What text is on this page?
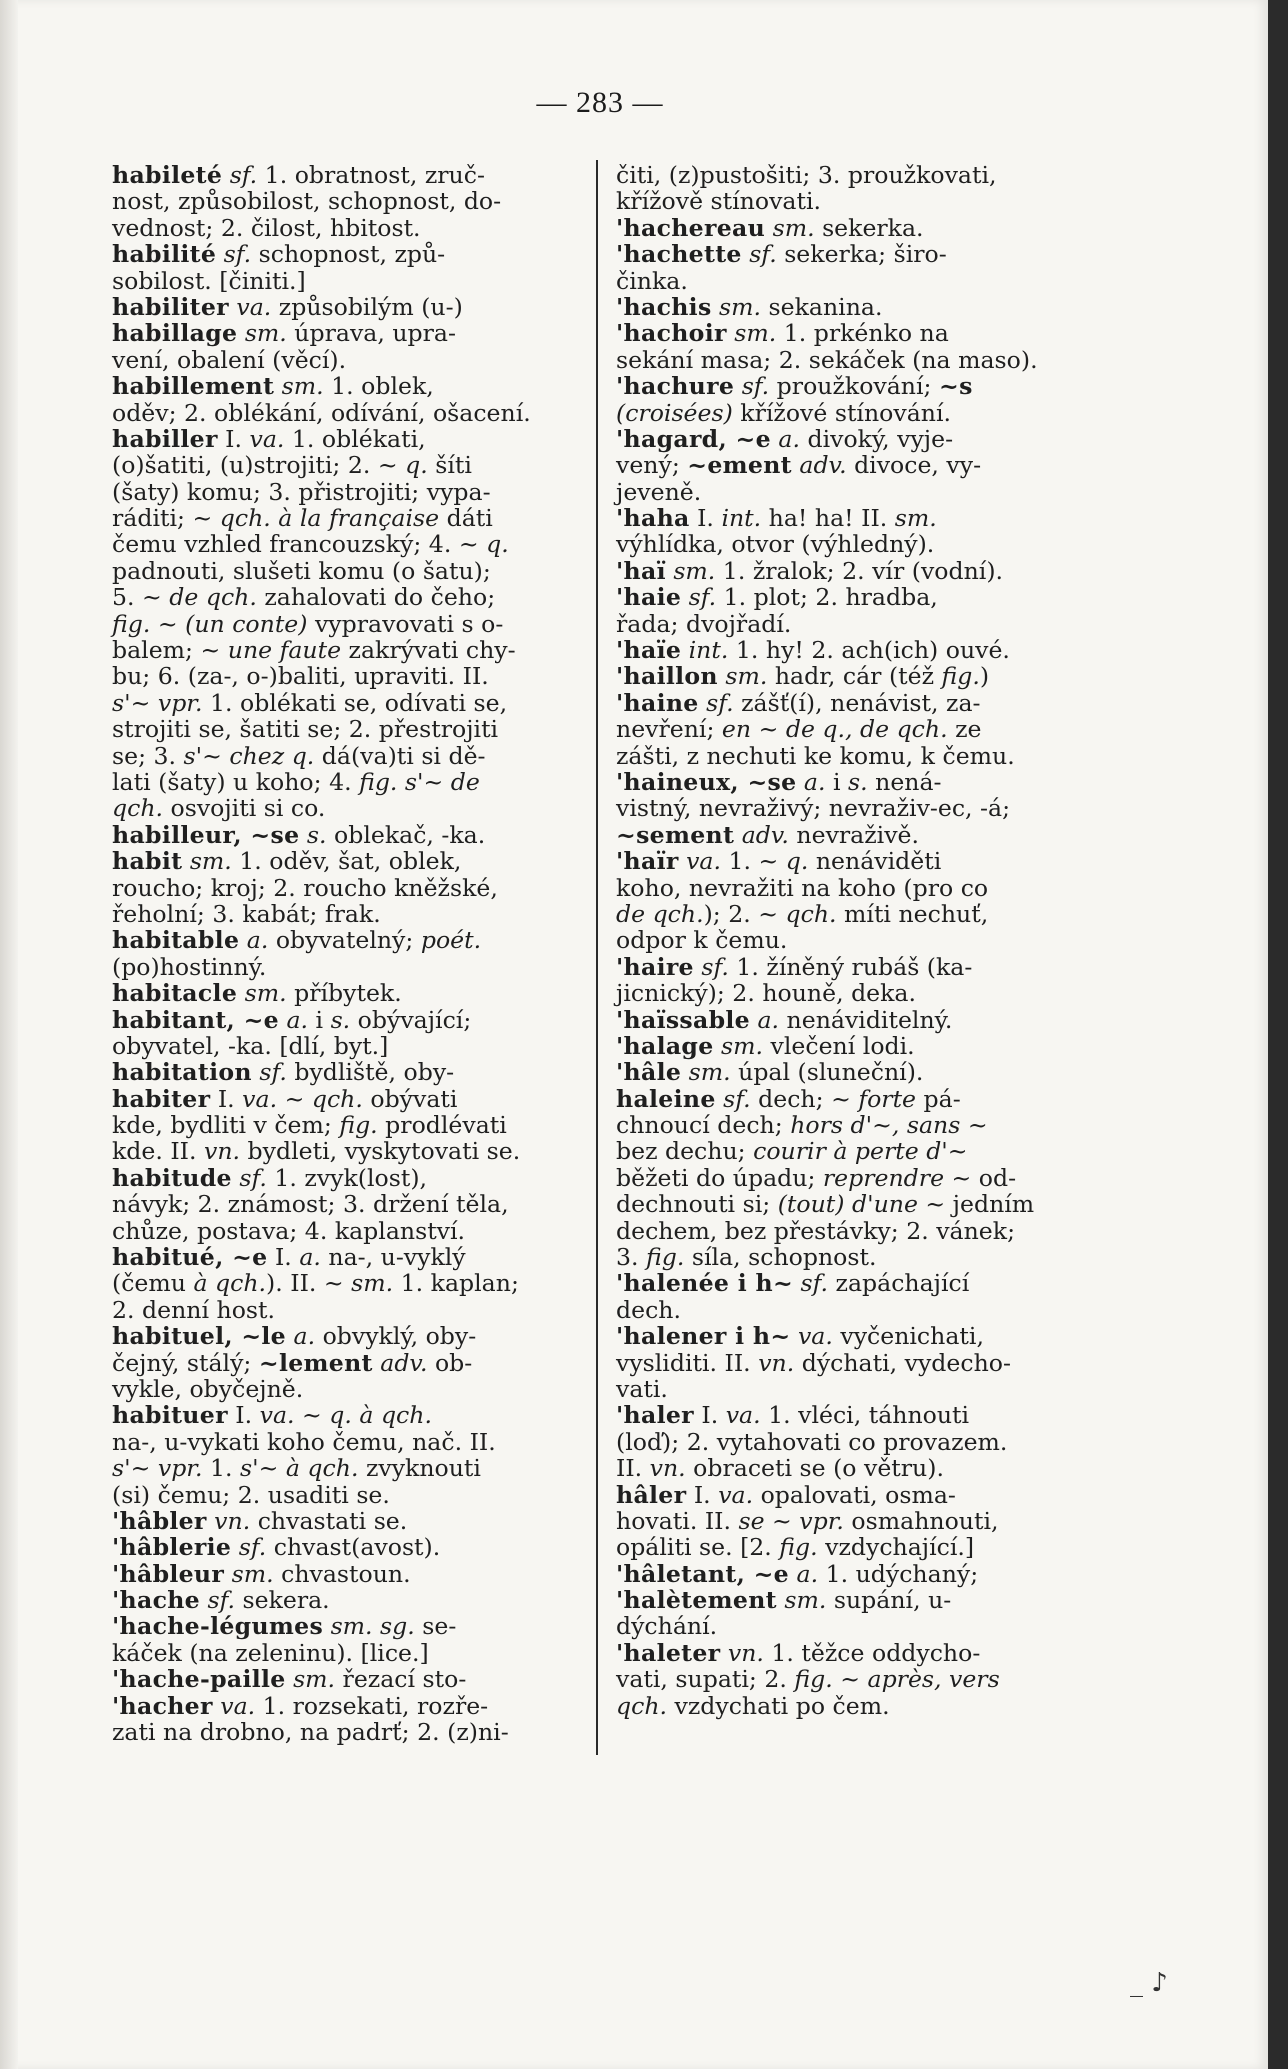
— 283 —
habileté sf. 1. obratnost, zruč-
nost, způsobilost, schopnost, do-
vednost; 2. čilost, hbitost.
habilité sf. schopnost, způ-
sobilost. [činiti.]
habiliter va. způsobilým (u-)
habillage sm. úprava, upra-
vení, obalení (věcí).
habillement sm. 1. oblek,
oděv; 2. oblékání, odívání, ošacení.
habiller I. va. 1. oblékati,
(o)šatiti, (u)strojiti; 2. ~ q. šíti
(šaty) komu; 3. přistrojiti; vypa-
ráditi; ~ qch. à la française dáti
čemu vzhled francouzský; 4. ~ q.
padnouti, slušeti komu (o šatu);
5. ~ de qch. zahalovati do čeho;
fig. ~ (un conte) vypravovati s o-
balem; ~ une faute zakrývati chy-
bu; 6. (za-, o-)baliti, upraviti. II.
s'~ vpr. 1. oblékati se, odívati se,
strojiti se, šatiti se; 2. přestrojiti
se; 3. s'~ chez q. dá(va)ti si dě-
lati (šaty) u koho; 4. fig. s'~ de
qch. osvojiti si co.
habilleur, ~se s. oblekač, -ka.
habit sm. 1. oděv, šat, oblek,
roucho; kroj; 2. roucho kněžské,
řeholní; 3. kabát; frak.
habitable a. obyvatelný; poét.
(po)hostinný.
habitacle sm. příbytek.
habitant, ~e a. i s. obývající;
obyvatel, -ka. [dlí, byt.]
habitation sf. bydliště, oby-
habiter I. va. ~ qch. obývati
kde, bydliti v čem; fig. prodlévati
kde. II. vn. bydleti, vyskytovati se.
habitude sf. 1. zvyk(lost),
návyk; 2. známost; 3. držení těla,
chůze, postava; 4. kaplanství.
habitué, ~e I. a. na-, u-vyklý
(čemu à qch.). II. ~ sm. 1. kaplan;
2. denní host.
habituel, ~le a. obvyklý, oby-
čejný, stálý; ~lement adv. ob-
vykle, obyčejně.
habituer I. va. ~ q. à qch.
na-, u-vykati koho čemu, nač. II.
s'~ vpr. 1. s'~ à qch. zvyknouti
(si) čemu; 2. usaditi se.
'hâbler vn. chvastati se.
'hâblerie sf. chvast(avost).
'hâbleur sm. chvastoun.
'hache sf. sekera.
'hache-légumes sm. sg. se-
káček (na zeleninu). [lice.]
'hache-paille sm. řezací sto-
'hacher va. 1. rozsekati, rozře-
zati na drobno, na padrť; 2. (z)ni-
čiti, (z)pustošiti; 3. proužkovati,
křížově stínovati.
'hachereau sm. sekerka.
'hachette sf. sekerka; širo-
činka.
'hachis sm. sekanina.
'hachoir sm. 1. prkénko na
sekání masa; 2. sekáček (na maso).
'hachure sf. proužkování; ~s
(croisées) křížové stínování.
'hagard, ~e a. divoký, vyje-
vený; ~ement adv. divoce, vy-
jeveně.
'haha I. int. ha! ha! II. sm.
výhlídka, otvor (výhledný).
'haï sm. 1. žralok; 2. vír (vodní).
'haie sf. 1. plot; 2. hradba,
řada; dvojřadí.
'haïe int. 1. hy! 2. ach(ich) ouvé.
'haillon sm. hadr, cár (též fig.)
'haine sf. zášť(í), nenávist, za-
nevření; en ~ de q., de qch. ze
zášti, z nechuti ke komu, k čemu.
'haineux, ~se a. i s. nená-
vistný, nevraživý; nevraživ-ec, -á;
~sement adv. nevraživě.
'haïr va. 1. ~ q. nenáviděti
koho, nevražiti na koho (pro co
de qch.); 2. ~ qch. míti nechuť,
odpor k čemu.
'haire sf. 1. žíněný rubáš (ka-
jicnický); 2. houně, deka.
'haïssable a. nenáviditelný.
'halage sm. vlečení lodi.
'hâle sm. úpal (sluneční).
haleine sf. dech; ~ forte pá-
chnoucí dech; hors d'~, sans ~
bez dechu; courir à perte d'~
běžeti do úpadu; reprendre ~ od-
dechnouti si; (tout) d'une ~ jedním
dechem, bez přestávky; 2. vánek;
3. fig. síla, schopnost.
'halenée i h~ sf. zapáchající
dech.
'halener i h~ va. vyčenichati,
vysliditi. II. vn. dýchati, vydecho-
vati.
'haler I. va. 1. vléci, táhnouti
(loď); 2. vytahovati co provazem.
II. vn. obraceti se (o větru).
hâler I. va. opalovati, osma-
hovati. II. se ~ vpr. osmahnouti,
opáliti se. [2. fig. vzdychající.]
'hâletant, ~e a. 1. udýchaný;
'halètement sm. supání, u-
dýchání.
'haleter vn. 1. těžce oddycho-
vati, supati; 2. fig. ~ après, vers
qch. vzdychati po čem.
_ ♪
